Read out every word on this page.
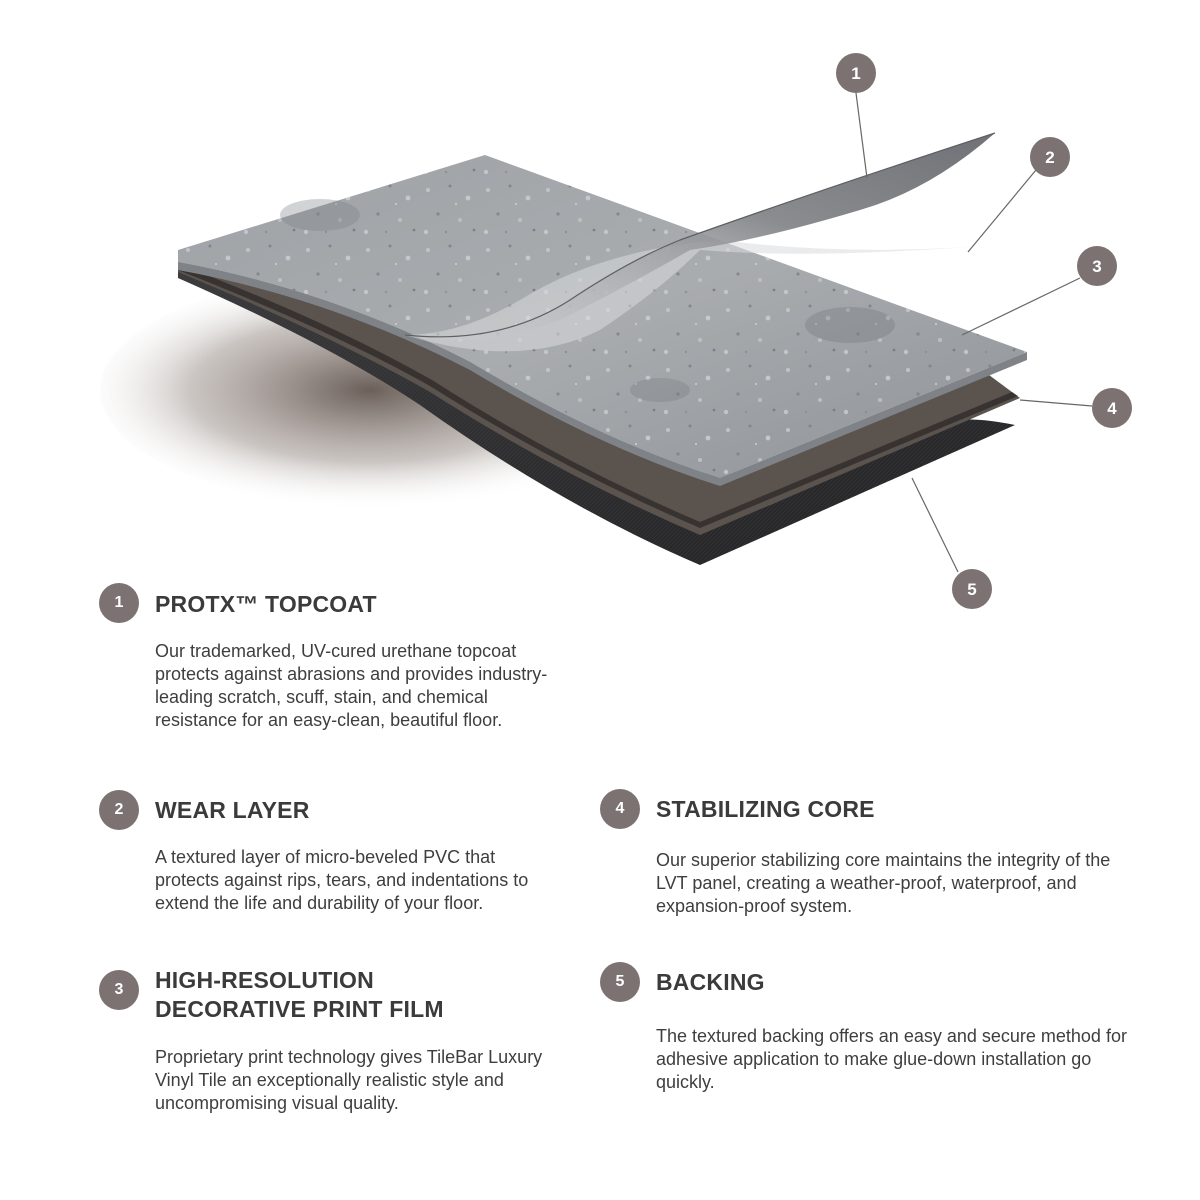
1
2
3
4
5
1	PROTX™ TOPCOAT

Our trademarked, UV-cured urethane topcoat protects against abrasions and provides industry-leading scratch, scuff, stain, and chemical resistance for an easy-clean, beautiful floor.

2	WEAR LAYER

A textured layer of micro-beveled PVC that protects against rips, tears, and indentations to extend the life and durability of your floor.

3	HIGH-RESOLUTION
DECORATIVE PRINT FILM

Proprietary print technology gives TileBar Luxury Vinyl Tile an exceptionally realistic style and uncompromising visual quality.

4	STABILIZING CORE

Our superior stabilizing core maintains the integrity of the LVT panel, creating a weather-proof, waterproof, and expansion-proof system.

5	BACKING

The textured backing offers an easy and secure method for adhesive application to make glue-down installation go quickly.
